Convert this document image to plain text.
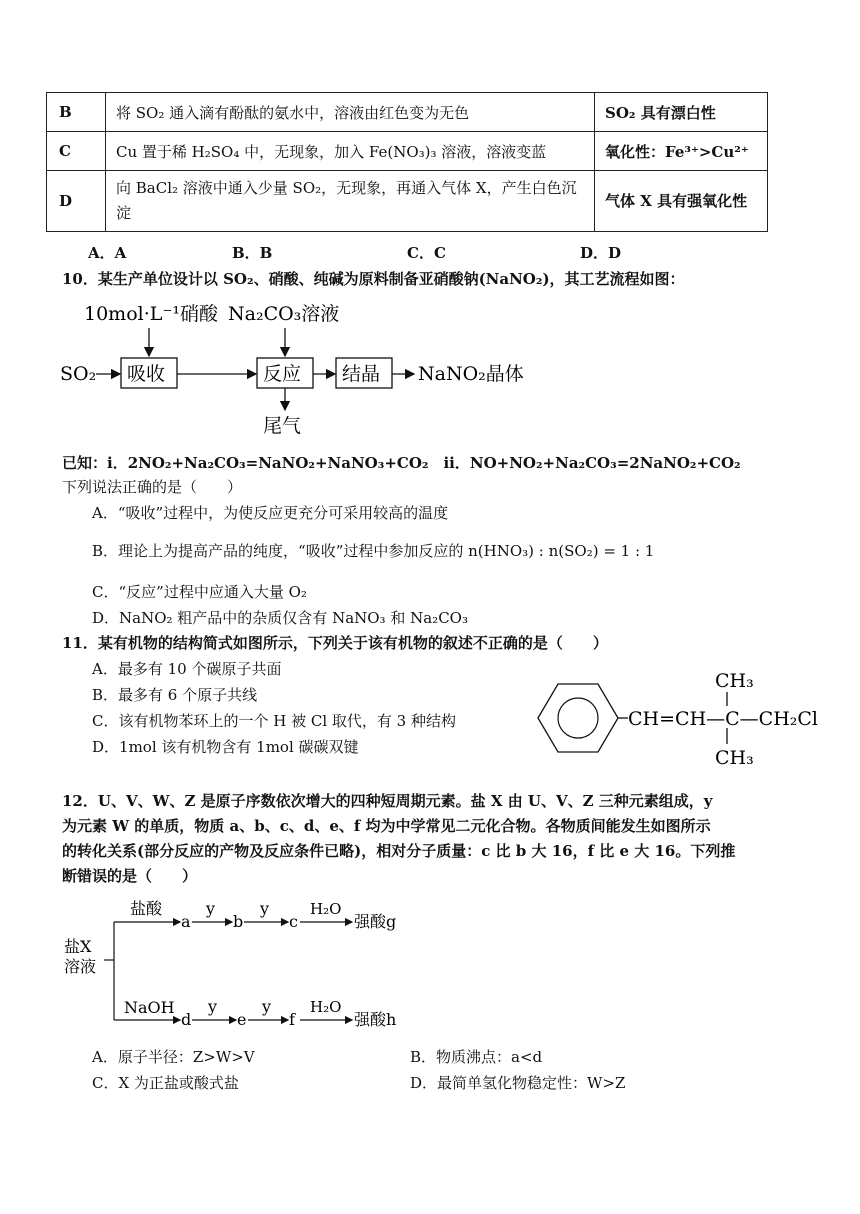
B	将 SO₂ 通入滴有酚酞的氨水中，溶液由红色变为无色	SO₂ 具有漂白性
C	Cu 置于稀 H₂SO₄ 中，无现象，加入 Fe(NO₃)₃ 溶液，溶液变蓝	氧化性：Fe³⁺>Cu²⁺
D	向 BaCl₂ 溶液中通入少量 SO₂，无现象，再通入气体 X，产生白色沉淀	气体 X 具有强氧化性
A．A	B．B	C．C	D．D
10．某生产单位设计以 SO₂、硝酸、纯碱为原料制备亚硝酸钠(NaNO₂)，其工艺流程如图：
10mol·L⁻¹硝酸 Na₂CO₃溶液
SO₂ 吸收	反应
尾气
结晶 NaNO₂晶体
已知：i．2NO₂+Na₂CO₃=NaNO₂+NaNO₃+CO₂　ii．NO+NO₂+Na₂CO₃=2NaNO₂+CO₂
下列说法正确的是（　　）
A．“吸收”过程中，为使反应更充分可采用较高的温度
B．理论上为提高产品的纯度，“吸收”过程中参加反应的 n(HNO₃) : n(SO₂) = 1 : 1
C．“反应”过程中应通入大量 O₂
D．NaNO₂ 粗产品中的杂质仅含有 NaNO₃ 和 Na₂CO₃
11．某有机物的结构简式如图所示，下列关于该有机物的叙述不正确的是（　　）
A．最多有 10 个碳原子共面
B．最多有 6 个原子共线
C．该有机物苯环上的一个 H 被 Cl 取代，有 3 种结构
D．1mol 该有机物含有 1mol 碳碳双键
CH=CH—C—CH₂Cl
CH₃
CH₃
12．U、V、W、Z 是原子序数依次增大的四种短周期元素。盐 X 由 U、V、Z 三种元素组成，y
为元素 W 的单质，物质 a、b、c、d、e、f 均为中学常见二元化合物。各物质间能发生如图所示
的转化关系(部分反应的产物及反应条件已略)，相对分子质量：c 比 b 大 16，f 比 e 大 16。下列推
断错误的是（　　）
盐X
溶液
盐酸
a
y
b
y
c
H₂O
强酸g
NaOH
d
y
e
y
f
H₂O
强酸h
A．原子半径：Z>W>V	B．物质沸点：a<d
C．X 为正盐或酸式盐	D．最简单氢化物稳定性：W>Z
